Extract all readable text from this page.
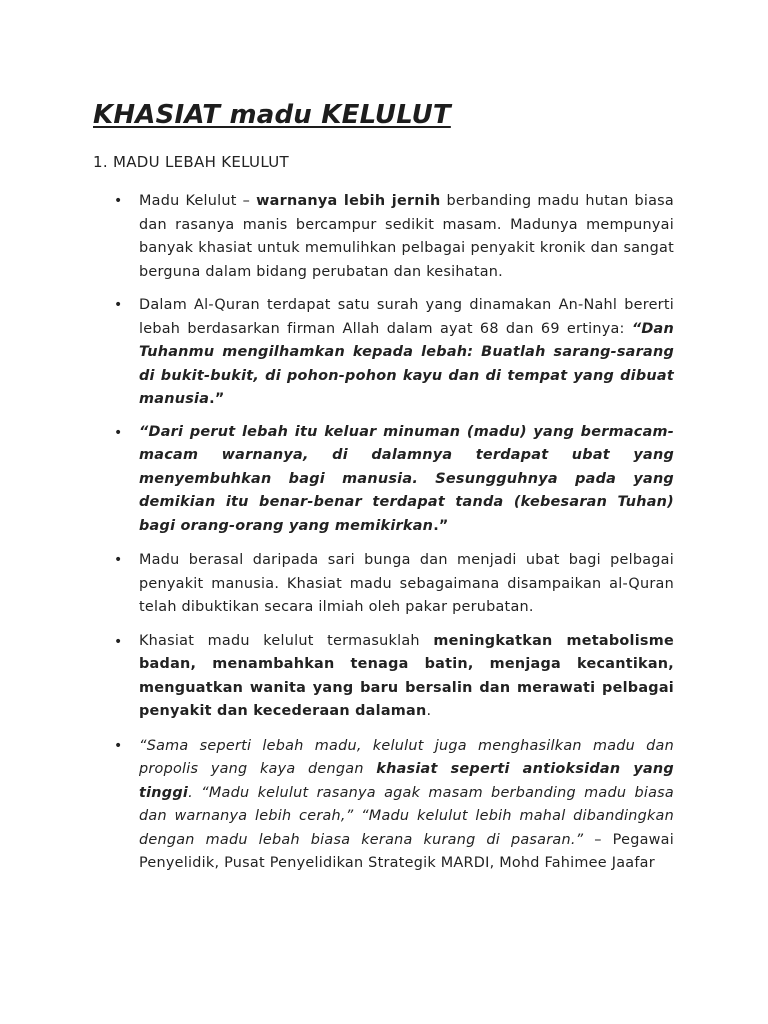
KHASIAT madu KELULUT
1. MADU LEBAH KELULUT
• Madu Kelulut – warnanya lebih jernih berbanding madu hutan biasa dan rasanya manis bercampur sedikit masam. Madunya mempunyai banyak khasiat untuk memulihkan pelbagai penyakit kronik dan sangat berguna dalam bidang perubatan dan kesihatan.
• Dalam Al-Quran terdapat satu surah yang dinamakan An-Nahl bererti lebah berdasarkan firman Allah dalam ayat 68 dan 69 ertinya: “Dan Tuhanmu mengilhamkan kepada lebah: Buatlah sarang-sarang di bukit-bukit, di pohon-pohon kayu dan di tempat yang dibuat manusia.”
• “Dari perut lebah itu keluar minuman (madu) yang bermacam-macam warnanya, di dalamnya terdapat ubat yang menyembuhkan bagi manusia. Sesungguhnya pada yang demikian itu benar-benar terdapat tanda (kebesaran Tuhan) bagi orang-orang yang memikirkan.”
• Madu berasal daripada sari bunga dan menjadi ubat bagi pelbagai penyakit manusia. Khasiat madu sebagaimana disampaikan al-Quran telah dibuktikan secara ilmiah oleh pakar perubatan.
• Khasiat madu kelulut termasuklah meningkatkan metabolisme badan, menambahkan tenaga batin, menjaga kecantikan, menguatkan wanita yang baru bersalin dan merawati pelbagai penyakit dan kecederaan dalaman.
• “Sama seperti lebah madu, kelulut juga menghasilkan madu dan propolis yang kaya dengan khasiat seperti antioksidan yang tinggi. “Madu kelulut rasanya agak masam berbanding madu biasa dan warnanya lebih cerah,” “Madu kelulut lebih mahal dibandingkan dengan madu lebah biasa kerana kurang di pasaran.” – Pegawai Penyelidik, Pusat Penyelidikan Strategik MARDI, Mohd Fahimee Jaafar
